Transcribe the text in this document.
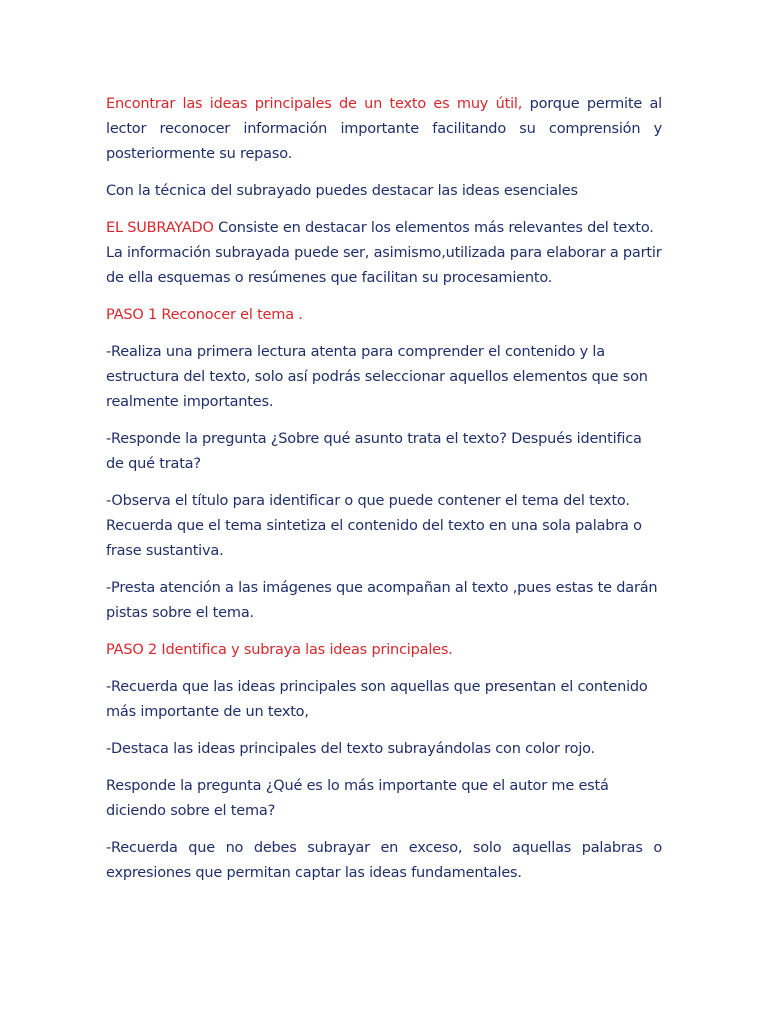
Encontrar las ideas principales de un texto es muy útil, porque permite al lector reconocer información importante facilitando su comprensión y posteriormente su repaso.

Con la técnica del subrayado puedes destacar las ideas esenciales

EL SUBRAYADO Consiste en destacar los elementos más relevantes del texto. La información subrayada puede ser, asimismo,utilizada para elaborar a partir de ella esquemas o resúmenes que facilitan su procesamiento.

PASO 1 Reconocer el tema .

-Realiza una primera lectura atenta para comprender el contenido y la estructura del texto, solo así podrás seleccionar aquellos elementos que son realmente importantes.

-Responde la pregunta ¿Sobre qué asunto trata el texto? Después identifica de qué trata?

-Observa el título para identificar o que puede contener el tema del texto. Recuerda que el tema sintetiza el contenido del texto en una sola palabra o frase sustantiva.

-Presta atención a las imágenes que acompañan al texto ,pues estas te darán pistas sobre el tema.

PASO 2 Identifica y subraya las ideas principales.

-Recuerda que las ideas principales son aquellas que presentan el contenido más importante de un texto,

-Destaca las ideas principales del texto subrayándolas con color rojo.

Responde la pregunta ¿Qué es lo más importante que el autor me está diciendo sobre el tema?

-Recuerda que no debes subrayar en exceso, solo aquellas palabras o expresiones que permitan captar las ideas fundamentales.
